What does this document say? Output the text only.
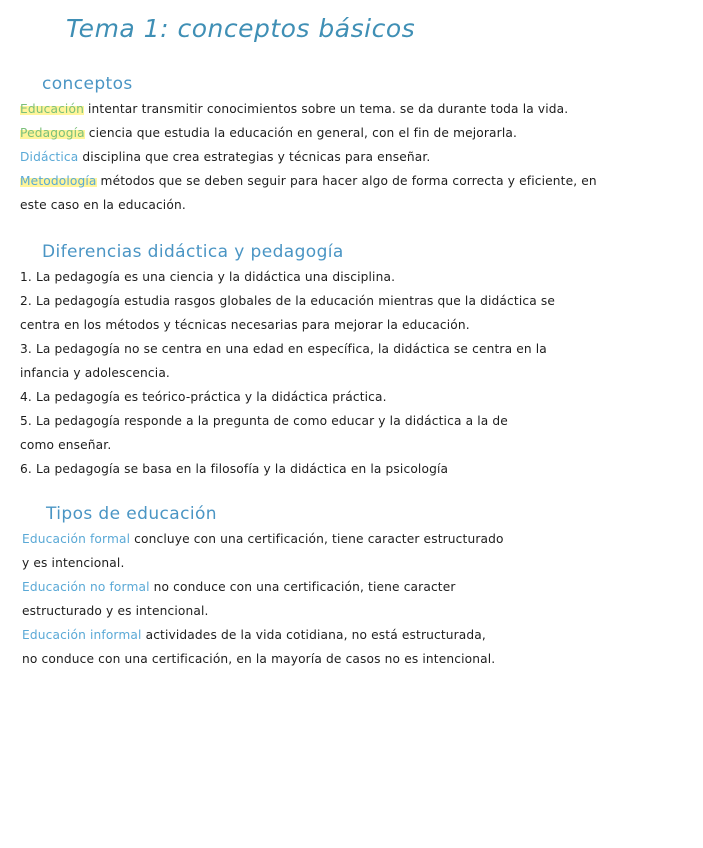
Tema 1: conceptos básicos
conceptos
Educación intentar transmitir conocimientos sobre un tema. se da durante toda la vida.
Pedagogía ciencia que estudia la educación en general, con el fin de mejorarla.
Didáctica disciplina que crea estrategias y técnicas para enseñar.
Metodología métodos que se deben seguir para hacer algo de forma correcta y eficiente, en
este caso en la educación.
Diferencias didáctica y pedagogía
1. La pedagogía es una ciencia y la didáctica una disciplina.
2. La pedagogía estudia rasgos globales de la educación mientras que la didáctica se
centra en los métodos y técnicas necesarias para mejorar la educación.
3. La pedagogía no se centra en una edad en específica, la didáctica se centra en la
infancia y adolescencia.
4. La pedagogía es teórico-práctica y la didáctica práctica.
5. La pedagogía responde a la pregunta de como educar y la didáctica a la de
como enseñar.
6. La pedagogía se basa en la filosofía y la didáctica en la psicología
Tipos de educación
Educación formal concluye con una certificación, tiene caracter estructurado
y es intencional.
Educación no formal no conduce con una certificación, tiene caracter
estructurado y es intencional.
Educación informal actividades de la vida cotidiana, no está estructurada,
no conduce con una certificación, en la mayoría de casos no es intencional.
